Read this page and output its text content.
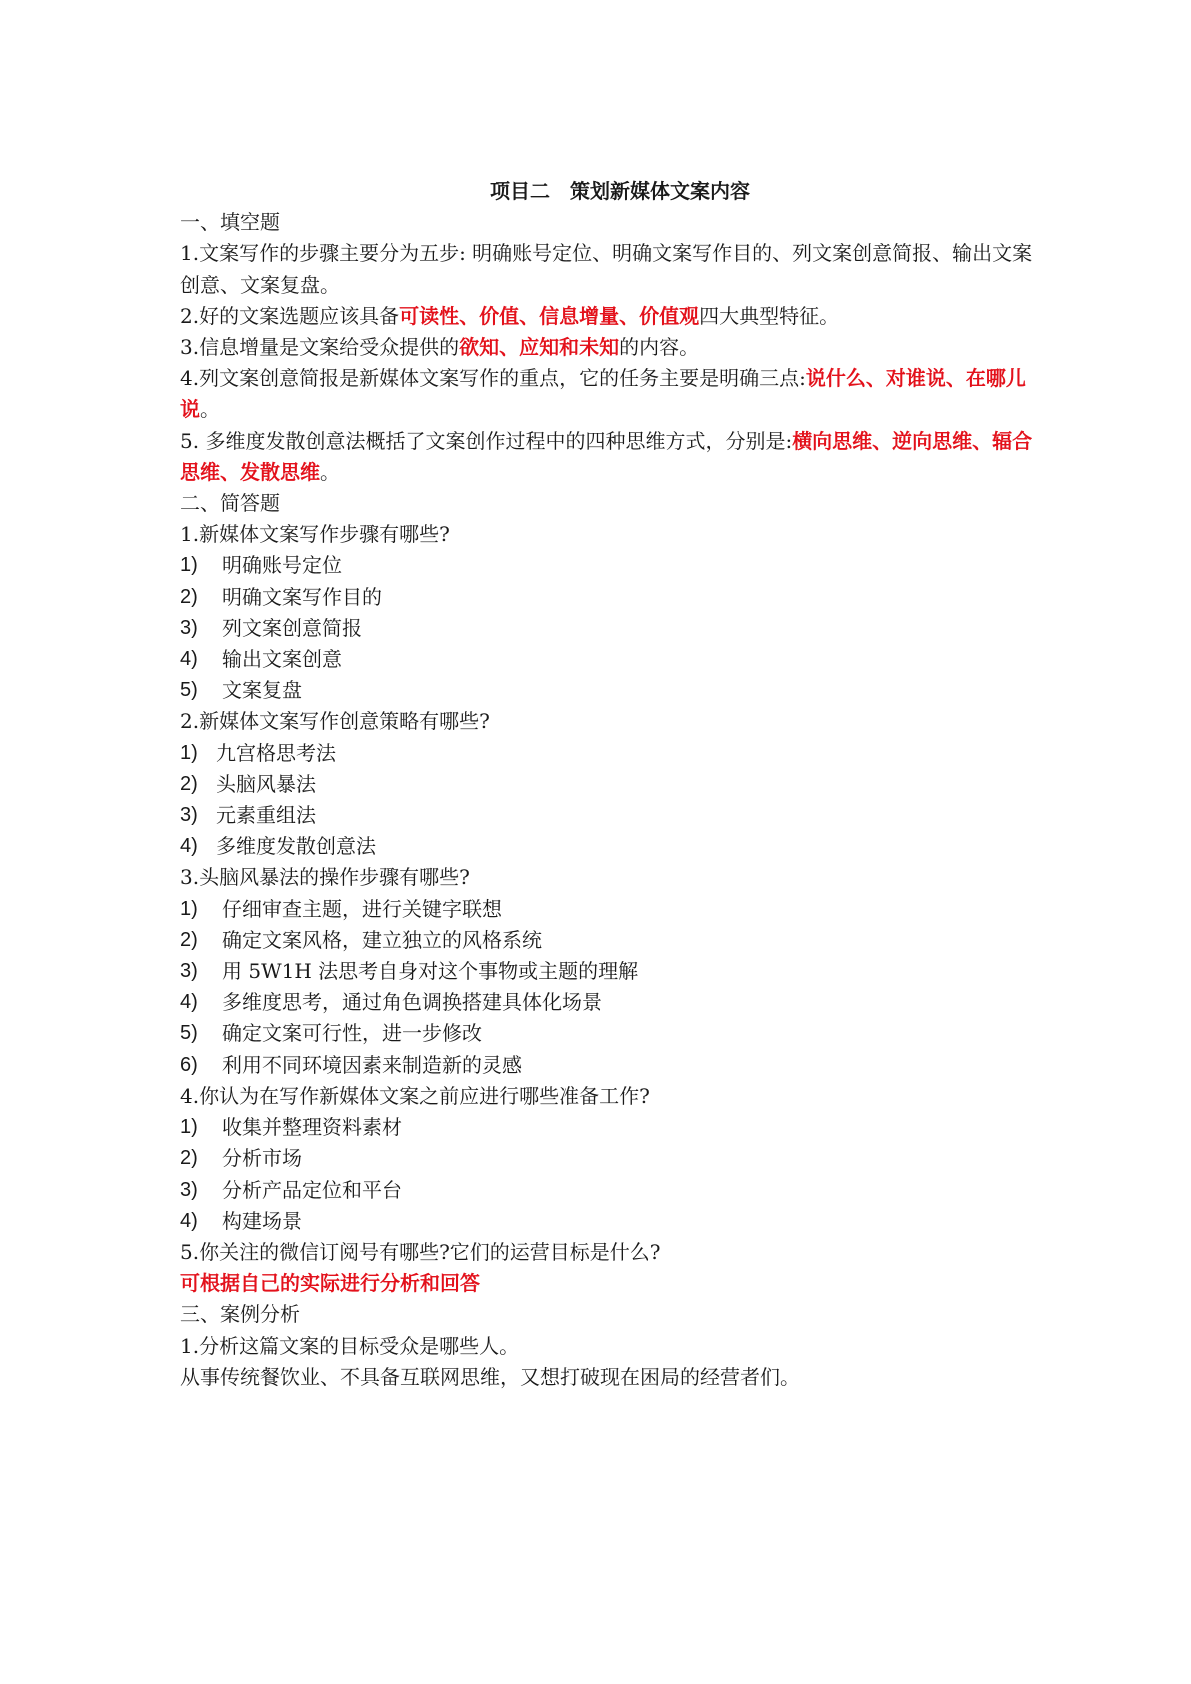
项目二　策划新媒体文案内容

一、填空题

1.文案写作的步骤主要分为五步: 明确账号定位、明确文案写作目的、列文案创意简报、输出文案创意、文案复盘。

2.好的文案选题应该具备可读性、价值、信息增量、价值观四大典型特征。

3.信息增量是文案给受众提供的欲知、应知和未知的内容。

4.列文案创意简报是新媒体文案写作的重点，它的任务主要是明确三点:说什么、对谁说、在哪儿说。

5. 多维度发散创意法概括了文案创作过程中的四种思维方式，分别是:横向思维、逆向思维、辐合思维、发散思维。

二、简答题

1.新媒体文案写作步骤有哪些?

1)	明确账号定位
2)	明确文案写作目的
3)	列文案创意简报
4)	输出文案创意
5)	文案复盘

2.新媒体文案写作创意策略有哪些?

1) 九宫格思考法
2) 头脑风暴法
3) 元素重组法
4) 多维度发散创意法

3.头脑风暴法的操作步骤有哪些?

1)	仔细审查主题，进行关键字联想
2)	确定文案风格，建立独立的风格系统
3)	用 5W1H 法思考自身对这个事物或主题的理解
4)	多维度思考，通过角色调换搭建具体化场景
5)	确定文案可行性，进一步修改
6)	利用不同环境因素来制造新的灵感

4.你认为在写作新媒体文案之前应进行哪些准备工作?

1)	收集并整理资料素材
2)	分析市场
3)	分析产品定位和平台
4)	构建场景

5.你关注的微信订阅号有哪些?它们的运营目标是什么?

可根据自己的实际进行分析和回答

三、案例分析

1.分析这篇文案的目标受众是哪些人。

从事传统餐饮业、不具备互联网思维，又想打破现在困局的经营者们。
